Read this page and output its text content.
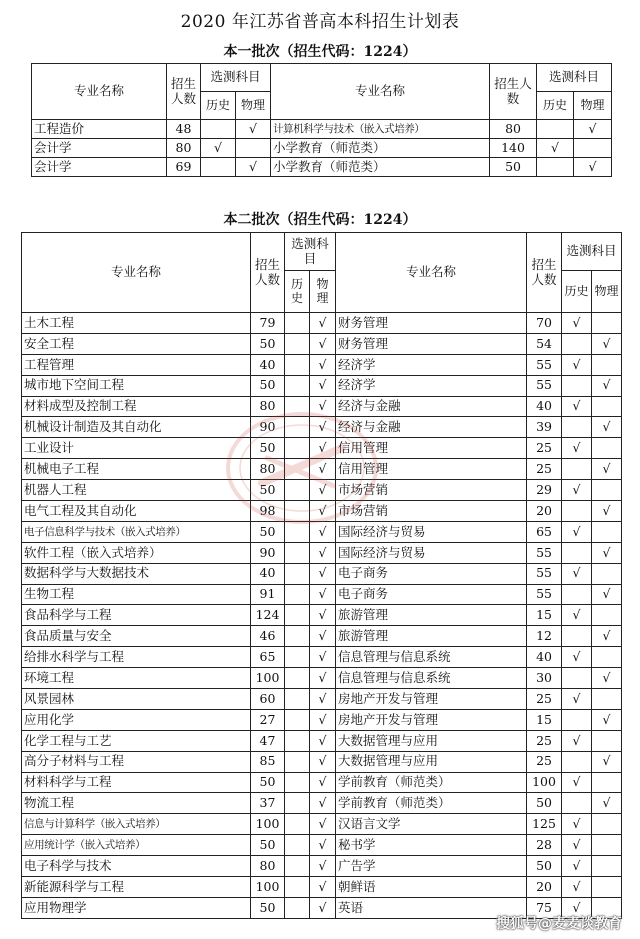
2020 年江苏省普高本科招生计划表
本一批次（招生代码：1224）
专业名称	招生人数	选测科目		专业名称	招生人数	选测科目	
		历史	物理			历史	物理
工程造价	48		√	计算机科学与技术（嵌入式培养）	80		√
会计学	80	√		小学教育（师范类）	140	√	
会计学	69		√	小学教育（师范类）	50		√
本二批次（招生代码：1224）
专业名称	招生人数	选测科目		专业名称	招生人数	选测科目	
		历史	物理			历史	物理
土木工程	79		√	财务管理	70	√	
安全工程	50		√	财务管理	54		√
工程管理	40		√	经济学	55	√	
城市地下空间工程	50		√	经济学	55		√
材料成型及控制工程	80		√	经济与金融	40	√	
机械设计制造及其自动化	90		√	经济与金融	39		√
工业设计	50		√	信用管理	25	√	
机械电子工程	80		√	信用管理	25		√
机器人工程	50		√	市场营销	29	√	
电气工程及其自动化	98		√	市场营销	20		√
电子信息科学与技术（嵌入式培养）	50		√	国际经济与贸易	65	√	
软件工程（嵌入式培养）	90		√	国际经济与贸易	55		√
数据科学与大数据技术	40		√	电子商务	55	√	
生物工程	91		√	电子商务	55		√
食品科学与工程	124		√	旅游管理	15	√	
食品质量与安全	46		√	旅游管理	12		√
给排水科学与工程	65		√	信息管理与信息系统	40	√	
环境工程	100		√	信息管理与信息系统	30		√
风景园林	60		√	房地产开发与管理	25	√	
应用化学	27		√	房地产开发与管理	15		√
化学工程与工艺	47		√	大数据管理与应用	25	√	
高分子材料与工程	85		√	大数据管理与应用	25		√
材料科学与工程	50		√	学前教育（师范类）	100	√	
物流工程	37		√	学前教育（师范类）	50		√
信息与计算科学（嵌入式培养）	100		√	汉语言文学	125	√	
应用统计学（嵌入式培养）	50		√	秘书学	28	√	
电子科学与技术	80		√	广告学	50	√	
新能源科学与工程	100		√	朝鲜语	20	√	
应用物理学	50		√	英语	75	√	
搜狐号@麦麦谈教育
